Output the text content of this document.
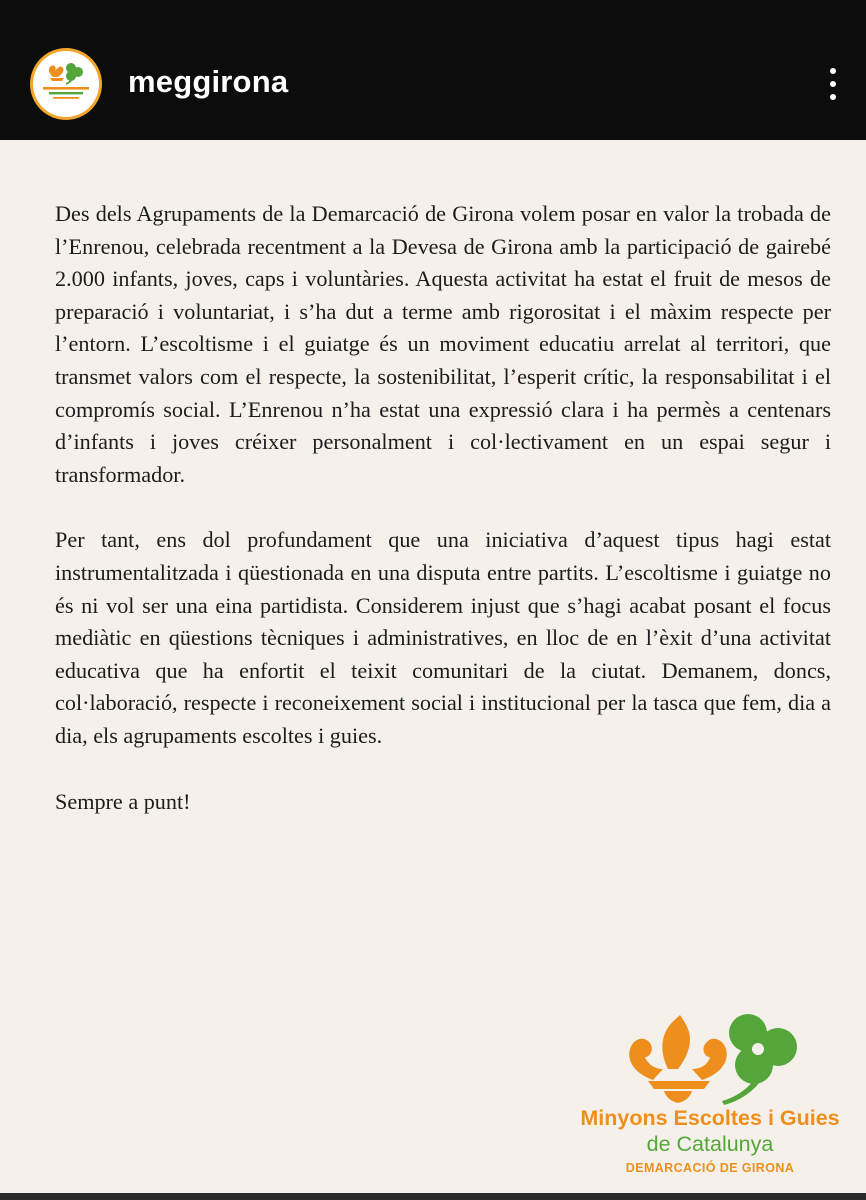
meggirona

Des dels Agrupaments de la Demarcació de Girona volem posar en valor la trobada de l’Enrenou, celebrada recentment a la Devesa de Girona amb la participació de gairebé 2.000 infants, joves, caps i voluntàries. Aquesta activitat ha estat el fruit de mesos de preparació i voluntariat, i s’ha dut a terme amb rigorositat i el màxim respecte per l’entorn. L’escoltisme i el guiatge és un moviment educatiu arrelat al territori, que transmet valors com el respecte, la sostenibilitat, l’esperit crític, la responsabilitat i el compromís social. L’Enrenou n’ha estat una expressió clara i ha permès a centenars d’infants i joves créixer personalment i col·lectivament en un espai segur i transformador.

Per tant, ens dol profundament que una iniciativa d’aquest tipus hagi estat instrumentalitzada i qüestionada en una disputa entre partits. L’escoltisme i guiatge no és ni vol ser una eina partidista. Considerem injust que s’hagi acabat posant el focus mediàtic en qüestions tècniques i administratives, en lloc de en l’èxit d’una activitat educativa que ha enfortit el teixit comunitari de la ciutat. Demanem, doncs, col·laboració, respecte i reconeixement social i institucional per la tasca que fem, dia a dia, els agrupaments escoltes i guies.

Sempre a punt!

Minyons Escoltes i Guies
de Catalunya
DEMARCACIÓ DE GIRONA
